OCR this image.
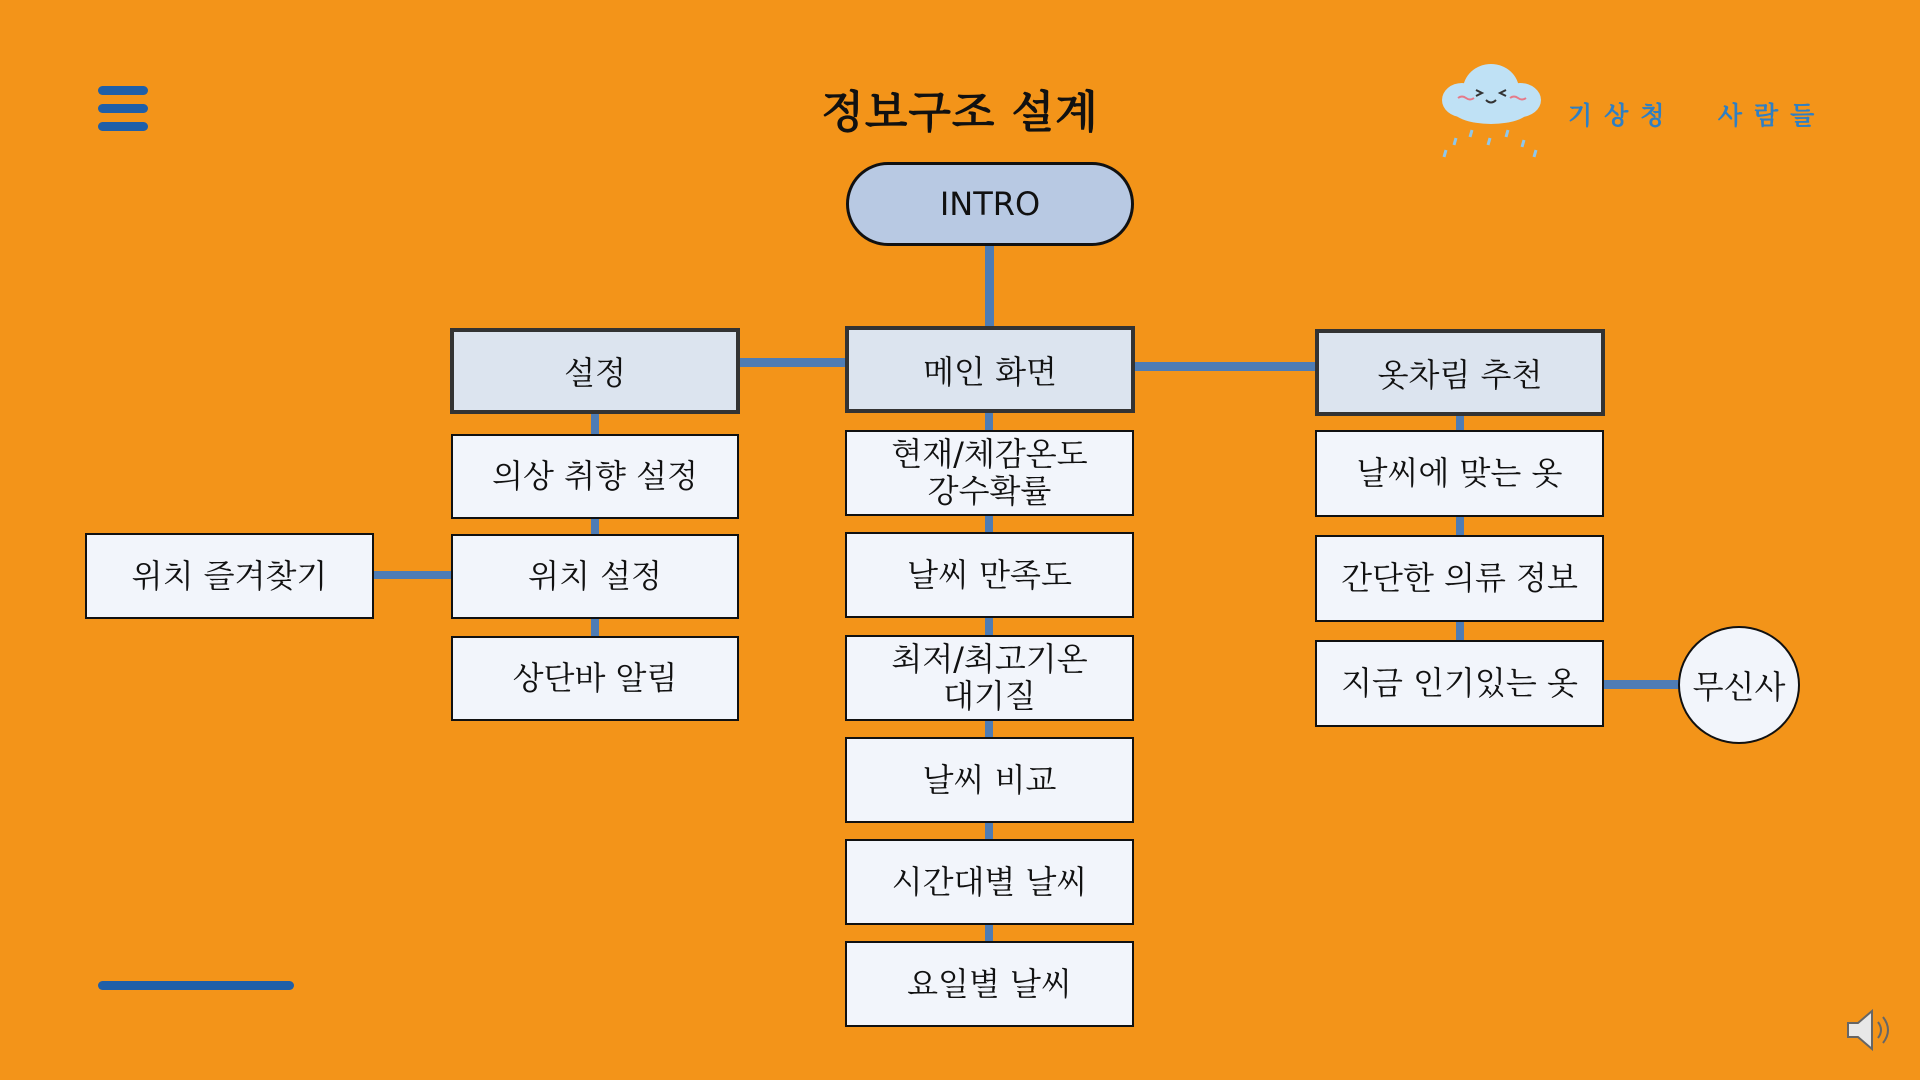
정보구조 설계	기상청  사람들
INTRO
설정	메인 화면	옷차림 추천
의상 취향 설정
위치 설정
상단바 알림
위치 즐겨찾기
현재/체감온도
강수확률
날씨 만족도
최저/최고기온
대기질
날씨 비교
시간대별 날씨
요일별 날씨
날씨에 맞는 옷
간단한 의류 정보
지금 인기있는 옷	무신사
